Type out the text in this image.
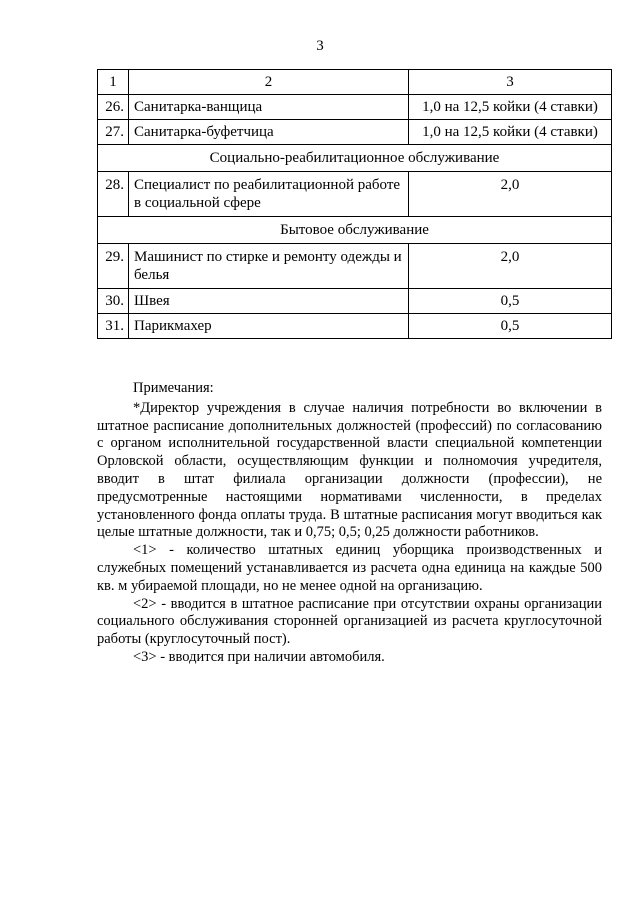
3
1	2	3
26.	Санитарка-ванщица	1,0 на 12,5 койки (4 ставки)
27.	Санитарка-буфетчица	1,0 на 12,5 койки (4 ставки)
Социально-реабилитационное обслуживание		
28.	Специалист по реабилитационной работе в социальной сфере	2,0
Бытовое обслуживание		
29.	Машинист по стирке и ремонту одежды и белья	2,0
30.	Швея	0,5
31.	Парикмахер	0,5

Примечания:

*Директор учреждения в случае наличия потребности во включении в штатное расписание дополнительных должностей (профессий) по согласованию с органом исполнительной государственной власти специальной компетенции Орловской области, осуществляющим функции и полномочия учредителя, вводит в штат филиала организации должности (профессии), не предусмотренные настоящими нормативами численности, в пределах установленного фонда оплаты труда. В штатные расписания могут вводиться как целые штатные должности, так и 0,75; 0,5; 0,25 должности работников.

<1> - количество штатных единиц уборщика производственных и служебных помещений устанавливается из расчета одна единица на каждые 500 кв. м убираемой площади, но не менее одной на организацию.

<2> - вводится в штатное расписание при отсутствии охраны организации социального обслуживания сторонней организацией из расчета круглосуточной работы (круглосуточный пост).

<3> - вводится при наличии автомобиля.
